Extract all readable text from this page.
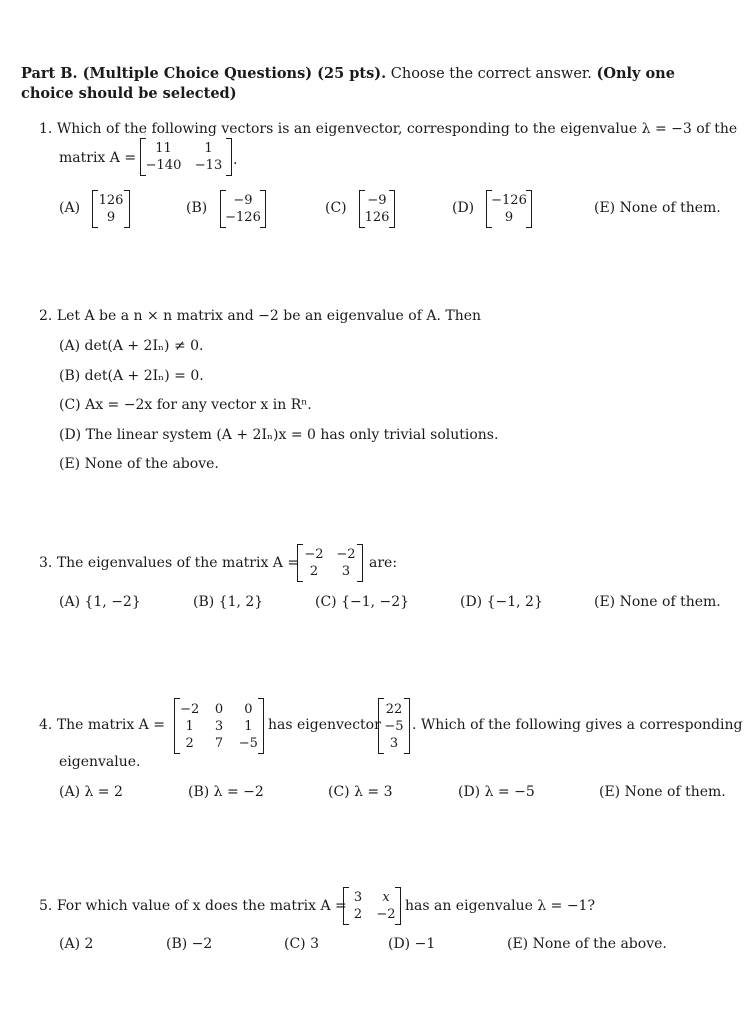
Part B. (Multiple Choice Questions) (25 pts). Choose the correct answer. (Only one choice should be selected)
1. Which of the following vectors is an eigenvector, corresponding to the eigenvalue λ = −3 of the
matrix A =
11	1
−140	−13 .
(A)	126
9
(B)	−9
−126
(C)	−9
126
(D)	−126
9
(E) None of them.
2. Let A be a n × n matrix and −2 be an eigenvalue of A. Then
(A) det(A + 2Iₙ) ≠ 0.
(B) det(A + 2Iₙ) = 0.
(C) Ax = −2x for any vector x in Rⁿ.
(D) The linear system (A + 2Iₙ)x = 0 has only trivial solutions.
(E) None of the above.
3. The eigenvalues of the matrix A =
−2 −2
2	3
are:
(A) {1, −2}	(B) {1, 2}	(C) {−1, −2}	(D) {−1, 2}	(E) None of them.
4. The matrix A =
−2	0	0
1	3	1
2	7	−5
has eigenvector
22
−5
3
. Which of the following gives a corresponding
eigenvalue.
(A) λ = 2	(B) λ = −2	(C) λ = 3	(D) λ = −5	(E) None of them.
5. For which value of x does the matrix A =
3	x
2	−2
has an eigenvalue λ = −1?
(A) 2	(B) −2	(C) 3	(D) −1	(E) None of the above.
